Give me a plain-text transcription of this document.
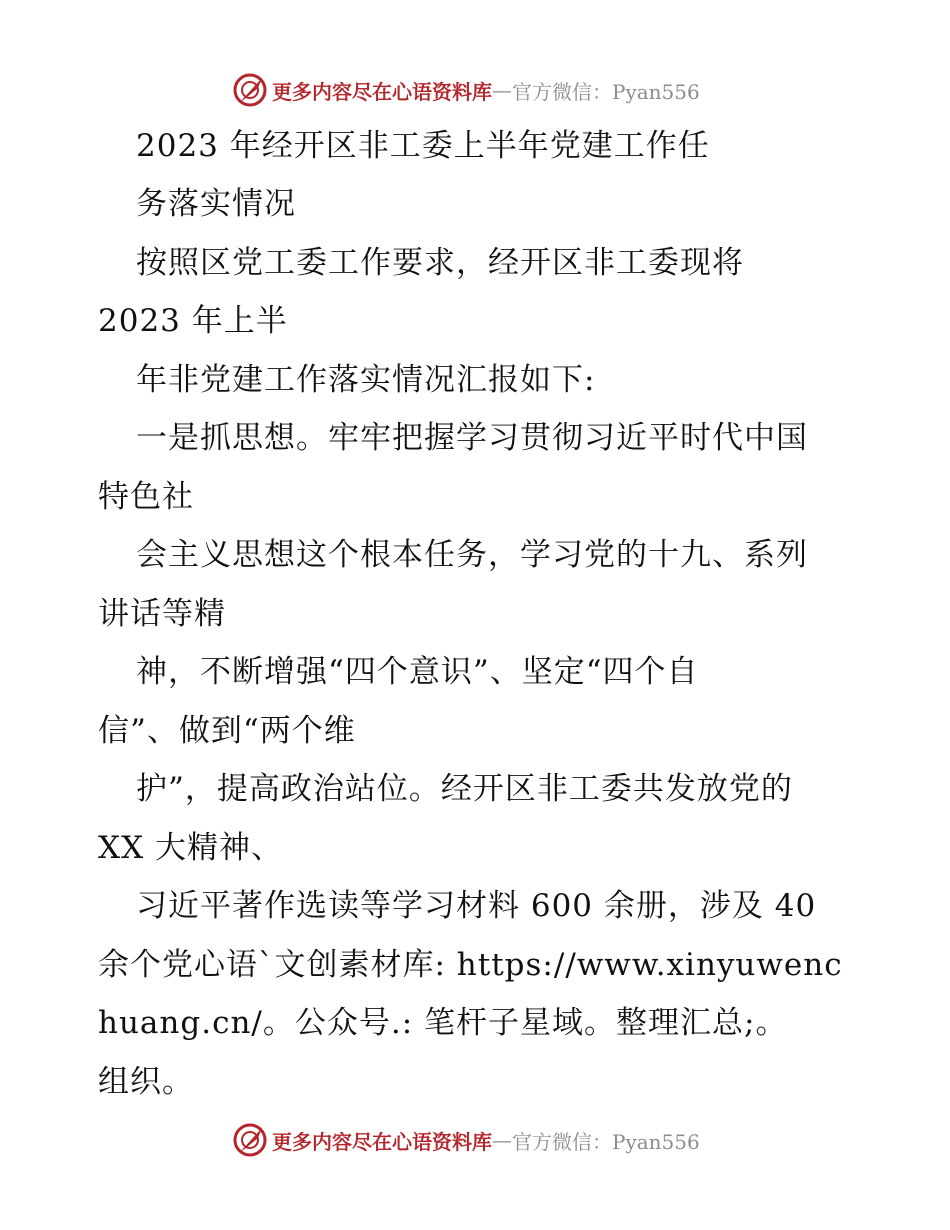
更多内容尽在心语资料库 — 官方微信：Pyan556

2023 年经开区非工委上半年党建工作任

务落实情况

按照区党工委工作要求，经开区非工委现将

2023 年上半

年非党建工作落实情况汇报如下:

一是抓思想。牢牢把握学习贯彻习近平时代中国

特色社

会主义思想这个根本任务，学习党的十九、系列

讲话等精

神，不断增强“四个意识”、坚定“四个自

信”、做到“两个维

护”，提高政治站位。经开区非工委共发放党的

XX 大精神、

习近平著作选读等学习材料 600 余册，涉及 40

余个党心语`文创素材库: https://www.xinyuwenc

huang.cn/。公众号.: 笔杆子星域。整理汇总;。

组织。

更多内容尽在心语资料库 — 官方微信：Pyan556
